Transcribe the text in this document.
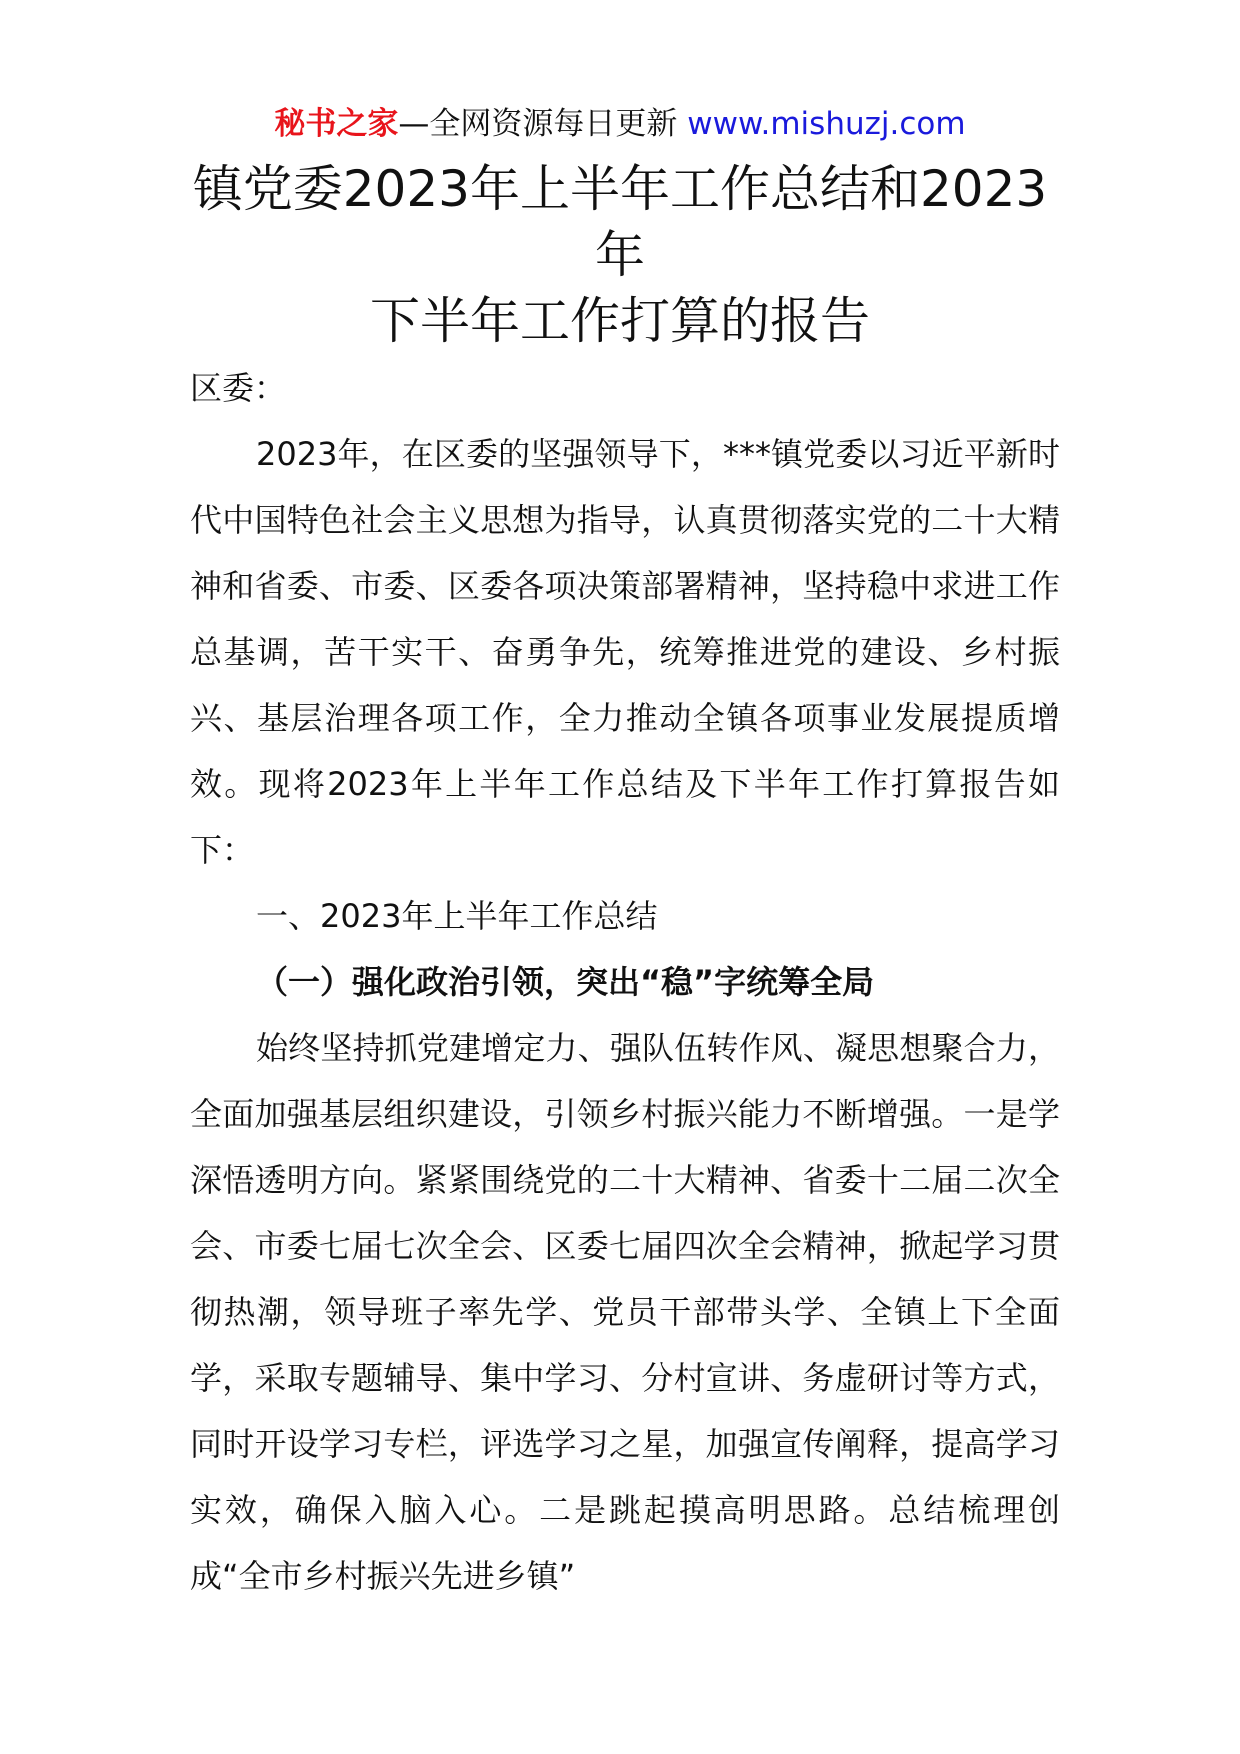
秘书之家—全网资源每日更新 www.mishuzj.com
镇党委2023年上半年工作总结和2023
年
下半年工作打算的报告

区委：

2023年，在区委的坚强领导下，***镇党委以习近平新时代中国特色社会主义思想为指导，认真贯彻落实党的二十大精神和省委、市委、区委各项决策部署精神，坚持稳中求进工作总基调，苦干实干、奋勇争先，统筹推进党的建设、乡村振兴、基层治理各项工作，全力推动全镇各项事业发展提质增效。现将2023年上半年工作总结及下半年工作打算报告如下：

一、2023年上半年工作总结

（一）强化政治引领，突出“稳”字统筹全局

始终坚持抓党建增定力、强队伍转作风、凝思想聚合力，全面加强基层组织建设，引领乡村振兴能力不断增强。一是学深悟透明方向。紧紧围绕党的二十大精神、省委十二届二次全会、市委七届七次全会、区委七届四次全会精神，掀起学习贯彻热潮，领导班子率先学、党员干部带头学、全镇上下全面学，采取专题辅导、集中学习、分村宣讲、务虚研讨等方式，同时开设学习专栏，评选学习之星，加强宣传阐释，提高学习实效，确保入脑入心。二是跳起摸高明思路。总结梳理创成“全市乡村振兴先进乡镇”
